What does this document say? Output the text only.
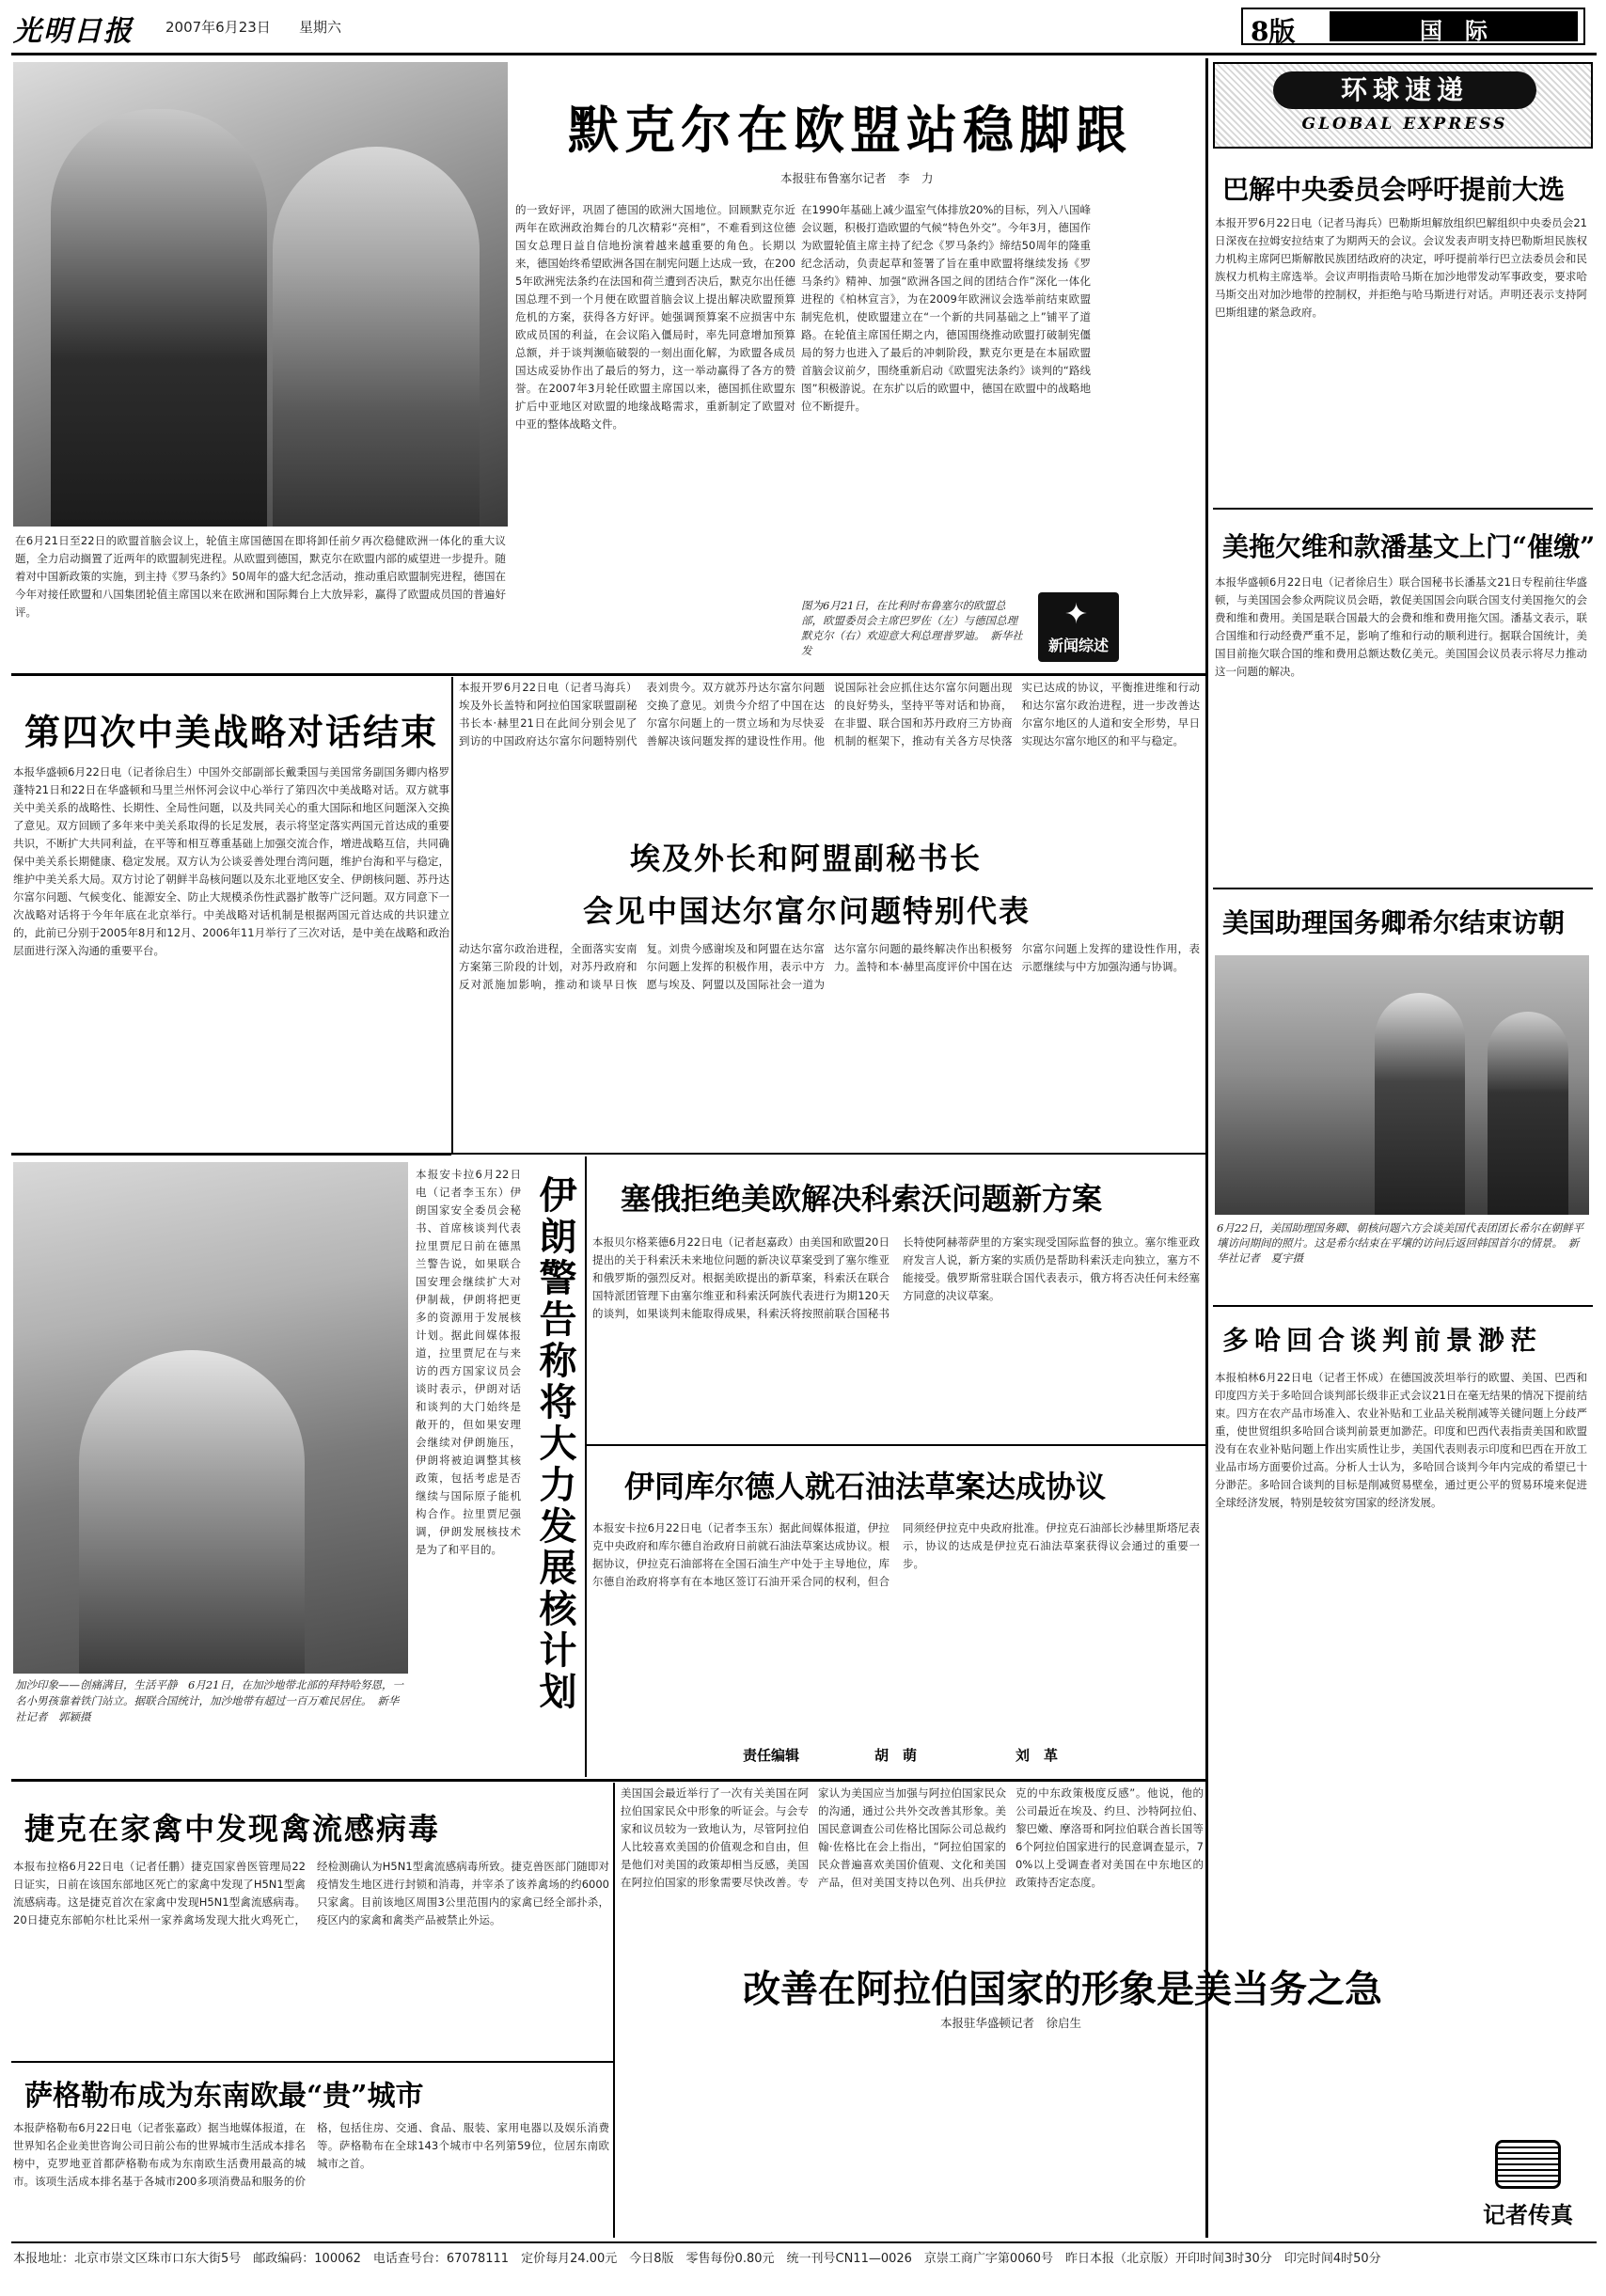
光明日报 2007年6月23日 星期六	8版	国　际
默克尔在欧盟站稳脚跟
本报驻布鲁塞尔记者　李　力
在6月21日至22日的欧盟首脑会议上，轮值主席国德国在即将卸任前夕再次稳健欧洲一体化的重大议题，全力启动搁置了近两年的欧盟制宪进程。从欧盟到德国，默克尔在欧盟内部的威望进一步提升。随着对中国新政策的实施，到主持《罗马条约》50周年的盛大纪念活动，推动重启欧盟制宪进程，德国在今年对接任欧盟和八国集团轮值主席国以来在欧洲和国际舞台上大放异彩，赢得了欧盟成员国的普遍好评。
的一致好评，巩固了德国的欧洲大国地位。回顾默克尔近两年在欧洲政治舞台的几次精彩“亮相”，不难看到这位德国女总理日益自信地扮演着越来越重要的角色。长期以来，德国始终希望欧洲各国在制宪问题上达成一致，在2005年欧洲宪法条约在法国和荷兰遭到否决后，默克尔出任德国总理不到一个月便在欧盟首脑会议上提出解决欧盟预算危机的方案，获得各方好评。她强调预算案不应损害中东欧成员国的利益，在会议陷入僵局时，率先同意增加预算总额，并于谈判濒临破裂的一刻出面化解，为欧盟各成员国达成妥协作出了最后的努力，这一举动赢得了各方的赞誉。在2007年3月轮任欧盟主席国以来，德国抓住欧盟东扩后中亚地区对欧盟的地缘战略需求，重新制定了欧盟对中亚的整体战略文件。
在1990年基础上减少温室气体排放20%的目标，列入八国峰会议题，积极打造欧盟的气候“特色外交”。今年3月，德国作为欧盟轮值主席主持了纪念《罗马条约》缔结50周年的隆重纪念活动，负责起草和签署了旨在重申欧盟将继续发扬《罗马条约》精神、加强“欧洲各国之间的团结合作”深化一体化进程的《柏林宣言》，为在2009年欧洲议会选举前结束欧盟制宪危机，使欧盟建立在“一个新的共同基础之上”铺平了道路。在轮值主席国任期之内，德国围绕推动欧盟打破制宪僵局的努力也进入了最后的冲刺阶段，默克尔更是在本届欧盟首脑会议前夕，围绕重新启动《欧盟宪法条约》谈判的“路线图”积极游说。在东扩以后的欧盟中，德国在欧盟中的战略地位不断提升。
图为6月21日，在比利时布鲁塞尔的欧盟总部，欧盟委员会主席巴罗佐（左）与德国总理默克尔（右）欢迎意大利总理普罗迪。　新华社发
✦
新闻综述
环球速递
GLOBAL EXPRESS
巴解中央委员会呼吁提前大选
本报开罗6月22日电（记者马海兵）巴勒斯坦解放组织巴解组织中央委员会21日深夜在拉姆安拉结束了为期两天的会议。会议发表声明支持巴勒斯坦民族权力机构主席阿巴斯解散民族团结政府的决定，呼吁提前举行巴立法委员会和民族权力机构主席选举。会议声明指责哈马斯在加沙地带发动军事政变，要求哈马斯交出对加沙地带的控制权，并拒绝与哈马斯进行对话。声明还表示支持阿巴斯组建的紧急政府。
美拖欠维和款潘基文上门“催缴”
本报华盛顿6月22日电（记者徐启生）联合国秘书长潘基文21日专程前往华盛顿，与美国国会参众两院议员会晤，敦促美国国会向联合国支付美国拖欠的会费和维和费用。美国是联合国最大的会费和维和费用拖欠国。潘基文表示，联合国维和行动经费严重不足，影响了维和行动的顺利进行。据联合国统计，美国目前拖欠联合国的维和费用总额达数亿美元。美国国会议员表示将尽力推动这一问题的解决。
美国助理国务卿希尔结束访朝
6月22日，美国助理国务卿、朝核问题六方会谈美国代表团团长希尔在朝鲜平壤访问期间的照片。这是希尔结束在平壤的访问后返回韩国首尔的情景。　新华社记者　夏宇摄
多哈回合谈判前景渺茫
本报柏林6月22日电（记者王怀成）在德国波茨坦举行的欧盟、美国、巴西和印度四方关于多哈回合谈判部长级非正式会议21日在毫无结果的情况下提前结束。四方在农产品市场准入、农业补贴和工业品关税削减等关键问题上分歧严重，使世贸组织多哈回合谈判前景更加渺茫。印度和巴西代表指责美国和欧盟没有在农业补贴问题上作出实质性让步，美国代表则表示印度和巴西在开放工业品市场方面要价过高。分析人士认为，多哈回合谈判今年内完成的希望已十分渺茫。多哈回合谈判的目标是削减贸易壁垒，通过更公平的贸易环境来促进全球经济发展，特别是较贫穷国家的经济发展。
第四次中美战略对话结束
本报华盛顿6月22日电（记者徐启生）中国外交部副部长戴秉国与美国常务副国务卿内格罗蓬特21日和22日在华盛顿和马里兰州怀河会议中心举行了第四次中美战略对话。双方就事关中美关系的战略性、长期性、全局性问题，以及共同关心的重大国际和地区问题深入交换了意见。双方回顾了多年来中美关系取得的长足发展，表示将坚定落实两国元首达成的重要共识，不断扩大共同利益，在平等和相互尊重基础上加强交流合作，增进战略互信，共同确保中美关系长期健康、稳定发展。双方认为公谈妥善处理台湾问题，维护台海和平与稳定，维护中美关系大局。双方讨论了朝鲜半岛核问题以及东北亚地区安全、伊朗核问题、苏丹达尔富尔问题、气候变化、能源安全、防止大规模杀伤性武器扩散等广泛问题。双方同意下一次战略对话将于今年年底在北京举行。中美战略对话机制是根据两国元首达成的共识建立的，此前已分别于2005年8月和12月、2006年11月举行了三次对话，是中美在战略和政治层面进行深入沟通的重要平台。
本报开罗6月22日电（记者马海兵）埃及外长盖特和阿拉伯国家联盟副秘书长本·赫里21日在此间分别会见了到访的中国政府达尔富尔问题特别代表刘贵今。双方就苏丹达尔富尔问题交换了意见。刘贵今介绍了中国在达尔富尔问题上的一贯立场和为尽快妥善解决该问题发挥的建设性作用。他说国际社会应抓住达尔富尔问题出现的良好势头，坚持平等对话和协商，在非盟、联合国和苏丹政府三方协商机制的框架下，推动有关各方尽快落实已达成的协议，平衡推进维和行动和达尔富尔政治进程，进一步改善达尔富尔地区的人道和安全形势，早日实现达尔富尔地区的和平与稳定。
埃及外长和阿盟副秘书长
会见中国达尔富尔问题特别代表
动达尔富尔政治进程，全面落实安南方案第三阶段的计划，对苏丹政府和反对派施加影响，推动和谈早日恢复。刘贵今感谢埃及和阿盟在达尔富尔问题上发挥的积极作用，表示中方愿与埃及、阿盟以及国际社会一道为达尔富尔问题的最终解决作出积极努力。盖特和本·赫里高度评价中国在达尔富尔问题上发挥的建设性作用，表示愿继续与中方加强沟通与协调。
加沙印象——创痛满目，生活平静　6月21日，在加沙地带北部的拜特哈努恩，一名小男孩靠着铁门站立。据联合国统计，加沙地带有超过一百万难民居住。　新华社记者　郭颖摄
本报安卡拉6月22日电（记者李玉东）伊朗国家安全委员会秘书、首席核谈判代表拉里贾尼日前在德黑兰警告说，如果联合国安理会继续扩大对伊制裁，伊朗将把更多的资源用于发展核计划。据此间媒体报道，拉里贾尼在与来访的西方国家议员会谈时表示，伊朗对话和谈判的大门始终是敞开的，但如果安理会继续对伊朗施压，伊朗将被迫调整其核政策，包括考虑是否继续与国际原子能机构合作。拉里贾尼强调，伊朗发展核技术是为了和平目的。 伊朗警告称将大力发展核计划 塞俄拒绝美欧解决科索沃问题新方案
本报贝尔格莱德6月22日电（记者赵嘉政）由美国和欧盟20日提出的关于科索沃未来地位问题的新决议草案受到了塞尔维亚和俄罗斯的强烈反对。根据美欧提出的新草案，科索沃在联合国特派团管理下由塞尔维亚和科索沃阿族代表进行为期120天的谈判，如果谈判未能取得成果，科索沃将按照前联合国秘书长特使阿赫蒂萨里的方案实现受国际监督的独立。塞尔维亚政府发言人说，新方案的实质仍是帮助科索沃走向独立，塞方不能接受。俄罗斯常驻联合国代表表示，俄方将否决任何未经塞方同意的决议草案。
伊同库尔德人就石油法草案达成协议
本报安卡拉6月22日电（记者李玉东）据此间媒体报道，伊拉克中央政府和库尔德自治政府日前就石油法草案达成协议。根据协议，伊拉克石油部将在全国石油生产中处于主导地位，库尔德自治政府将享有在本地区签订石油开采合同的权利，但合同须经伊拉克中央政府批准。伊拉克石油部长沙赫里斯塔尼表示，协议的达成是伊拉克石油法草案获得议会通过的重要一步。
责任编辑	胡　萌	刘　革
捷克在家禽中发现禽流感病毒
本报布拉格6月22日电（记者任鹏）捷克国家兽医管理局22日证实，日前在该国东部地区死亡的家禽中发现了H5N1型禽流感病毒。这是捷克首次在家禽中发现H5N1型禽流感病毒。20日捷克东部帕尔杜比采州一家养禽场发现大批火鸡死亡，经检测确认为H5N1型禽流感病毒所致。捷克兽医部门随即对疫情发生地区进行封锁和消毒，并宰杀了该养禽场的约6000只家禽。目前该地区周围3公里范围内的家禽已经全部扑杀，疫区内的家禽和禽类产品被禁止外运。
萨格勒布成为东南欧最“贵”城市
本报萨格勒布6月22日电（记者张嘉政）据当地媒体报道，在世界知名企业美世咨询公司日前公布的世界城市生活成本排名榜中，克罗地亚首都萨格勒布成为东南欧生活费用最高的城市。该项生活成本排名基于各城市200多项消费品和服务的价格，包括住房、交通、食品、服装、家用电器以及娱乐消费等。萨格勒布在全球143个城市中名列第59位，位居东南欧城市之首。
美国国会最近举行了一次有关美国在阿拉伯国家民众中形象的听证会。与会专家和议员较为一致地认为，尽管阿拉伯人比较喜欢美国的价值观念和自由，但是他们对美国的政策却相当反感，美国在阿拉伯国家的形象需要尽快改善。专家认为美国应当加强与阿拉伯国家民众的沟通，通过公共外交改善其形象。美国民意调查公司佐格比国际公司总裁约翰·佐格比在会上指出，“阿拉伯国家的民众普遍喜欢美国价值观、文化和美国产品，但对美国支持以色列、出兵伊拉克的中东政策极度反感”。他说，他的公司最近在埃及、约旦、沙特阿拉伯、黎巴嫩、摩洛哥和阿拉伯联合酋长国等6个阿拉伯国家进行的民意调查显示，70%以上受调查者对美国在中东地区的政策持否定态度。
改善在阿拉伯国家的形象是美当务之急
本报驻华盛顿记者　徐启生
记者传真
本报地址：北京市崇文区珠市口东大街5号　邮政编码：100062　电话查号台：67078111　定价每月24.00元　今日8版　零售每份0.80元　统一刊号CN11—0026　京崇工商广字第0060号　昨日本报（北京版）开印时间3时30分　印完时间4时50分
